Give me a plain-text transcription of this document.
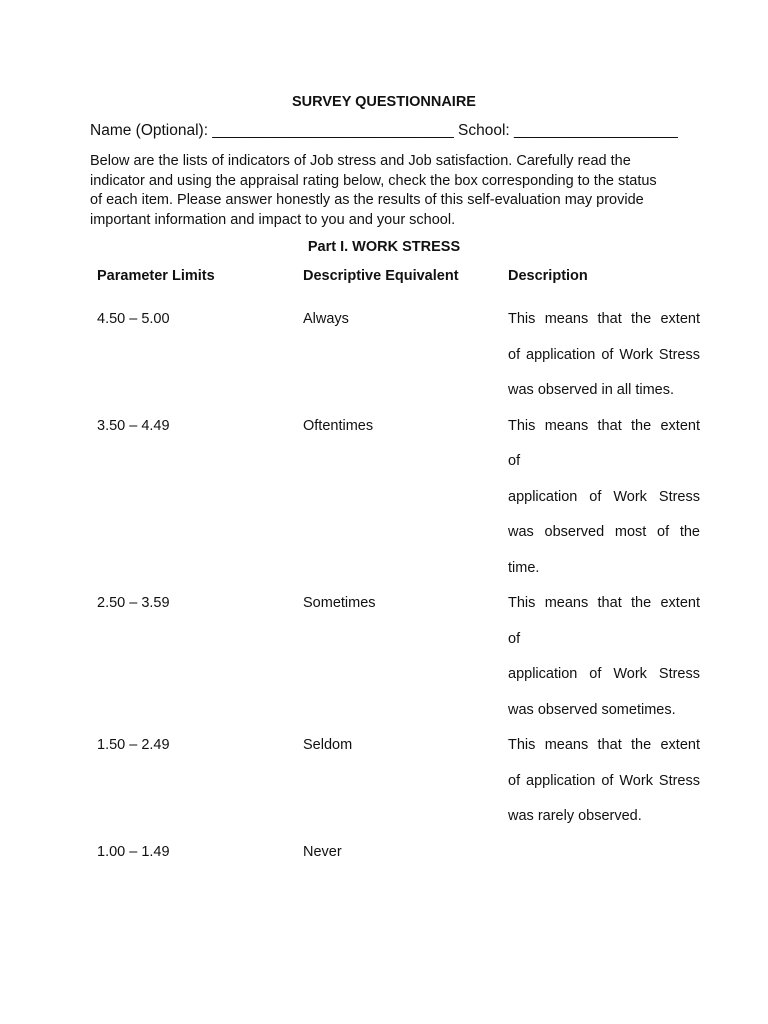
SURVEY QUESTIONNAIRE
Name (Optional): ____________________________ School: ___________________
Below are the lists of indicators of Job stress and Job satisfaction. Carefully read the indicator and using the appraisal rating below, check the box corresponding to the status of each item. Please answer honestly as the results of this self-evaluation may provide important information and impact to you and your school.
Part I. WORK STRESS
Parameter Limits	Descriptive Equivalent	Description
4.50 – 5.00	Always	This means that the extent
of application of Work Stress
was observed in all times.

3.50 – 4.49	Oftentimes	This means that the extent
of
application of Work Stress
was observed most of the
time.

2.50 – 3.59	Sometimes	This means that the extent
of
application of Work Stress
was observed sometimes.

1.50 – 2.49	Seldom	This means that the extent
of application of Work Stress
was rarely observed.

1.00 – 1.49	Never	
